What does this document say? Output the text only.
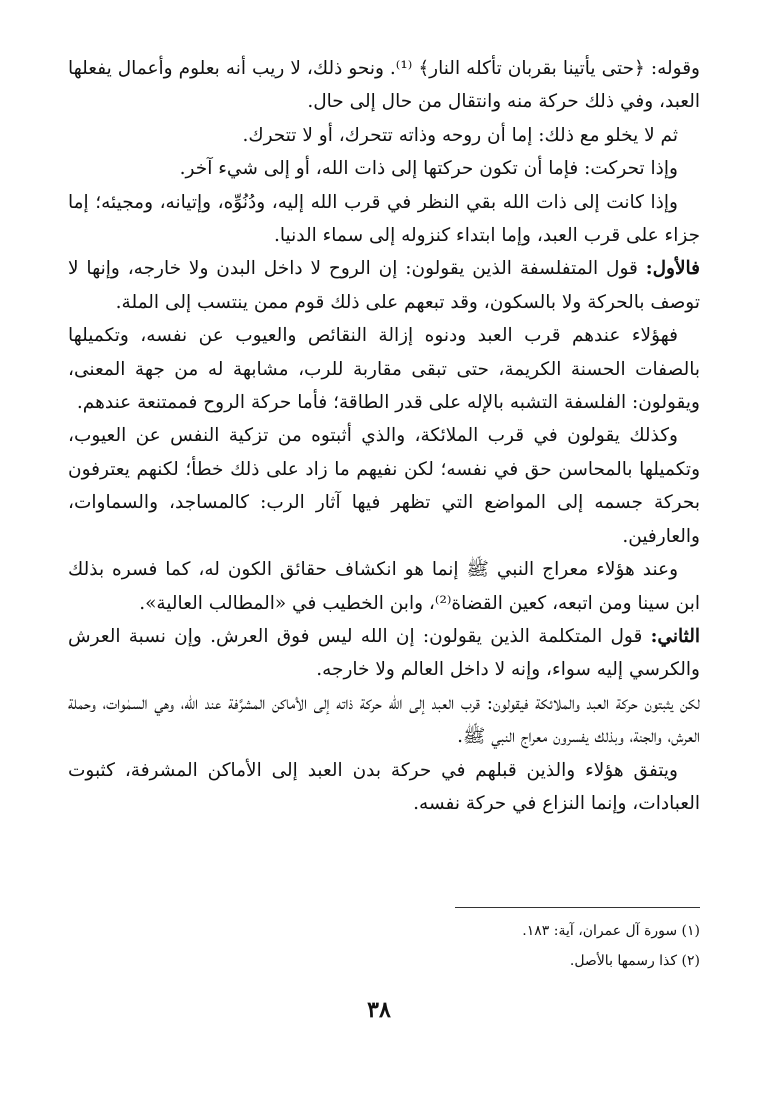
وقوله: ﴿حتى يأتينا بقربان تأكله النار﴾ ⁽¹⁾. ونحو ذلك، لا ريب أنه بعلوم وأعمال يفعلها العبد، وفي ذلك حركة منه وانتقال من حال إلى حال.

ثم لا يخلو مع ذلك: إما أن روحه وذاته تتحرك، أو لا تتحرك.

وإذا تحركت: فإما أن تكون حركتها إلى ذات الله، أو إلى شيء آخر.

وإذا كانت إلى ذات الله بقي النظر في قرب الله إليه، ودُنُوِّه، وإتيانه، ومجيئه؛ إما جزاء على قرب العبد، وإما ابتداء كنزوله إلى سماء الدنيا.

فالأول: قول المتفلسفة الذين يقولون: إن الروح لا داخل البدن ولا خارجه، وإنها لا توصف بالحركة ولا بالسكون، وقد تبعهم على ذلك قوم ممن ينتسب إلى الملة.

فهؤلاء عندهم قرب العبد ودنوه إزالة النقائص والعيوب عن نفسه، وتكميلها بالصفات الحسنة الكريمة، حتى تبقى مقاربة للرب، مشابهة له من جهة المعنى، ويقولون: الفلسفة التشبه بالإله على قدر الطاقة؛ فأما حركة الروح فممتنعة عندهم.

وكذلك يقولون في قرب الملائكة، والذي أثبتوه من تزكية النفس عن العيوب، وتكميلها بالمحاسن حق في نفسه؛ لكن نفيهم ما زاد على ذلك خطأ؛ لكنهم يعترفون بحركة جسمه إلى المواضع التي تظهر فيها آثار الرب: كالمساجد، والسماوات، والعارفين.

وعند هؤلاء معراج النبي ﷺ إنما هو انكشاف حقائق الكون له، كما فسره بذلك ابن سينا ومن اتبعه، كعين القضاة⁽²⁾، وابن الخطيب في «المطالب العالية».

الثاني: قول المتكلمة الذين يقولون: إن الله ليس فوق العرش. وإن نسبة العرش والكرسي إليه سواء، وإنه لا داخل العالم ولا خارجه.

لكن يثبتون حركة العبد والملائكة فيقولون: قرب العبد إلى الله حركة ذاته إلى الأماكن المشرَّفة عند الله، وهي السمٰوات، وحملة العرش، والجنة، وبذلك يفسرون معراج النبي ﷺ.

ويتفق هؤلاء والذين قبلهم في حركة بدن العبد إلى الأماكن المشرفة، كثبوت العبادات، وإنما النزاع في حركة نفسه.

(١) سورة آل عمران، آية: ١٨٣.

(٢) كذا رسمها بالأصل.

٣٨
